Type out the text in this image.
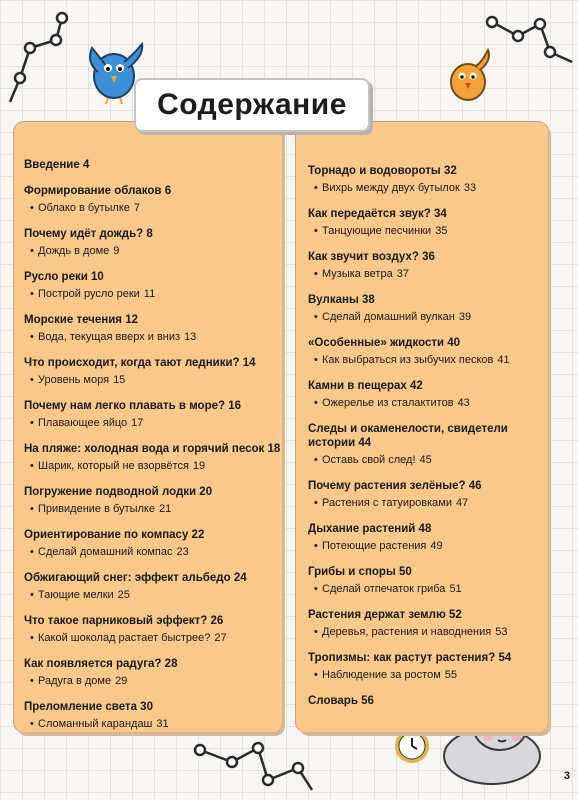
Введение 4
Формирование облаков 6
• Облако в бутылке 7
Почему идёт дождь? 8
• Дождь в доме 9
Русло реки 10
• Построй русло реки 11
Морские течения 12
• Вода, текущая вверх и вниз 13
Что происходит, когда тают ледники? 14
• Уровень моря 15
Почему нам легко плавать в море? 16
• Плавающее яйцо 17
На пляже: холодная вода и горячий песок 18
• Шарик, который не взорвётся 19
Погружение подводной лодки 20
• Привидение в бутылке 21
Ориентирование по компасу 22
• Сделай домашний компас 23
Обжигающий снег: эффект альбедо 24
• Тающие мелки 25
Что такое парниковый эффект? 26
• Какой шоколад растает быстрее? 27
Как появляется радуга? 28
• Радуга в доме 29
Преломление света 30
• Сломанный карандаш 31
Торнадо и водовороты 32
• Вихрь между двух бутылок 33
Как передаётся звук? 34
• Танцующие песчинки 35
Как звучит воздух? 36
• Музыка ветра 37
Вулканы 38
• Сделай домашний вулкан 39
«Особенные» жидкости 40
• Как выбраться из зыбучих песков 41
Камни в пещерах 42
• Ожерелье из сталактитов 43
Следы и окаменелости, свидетели истории 44
• Оставь свой след! 45
Почему растения зелёные? 46
• Растения с татуировками 47
Дыхание растений 48
• Потеющие растения 49
Грибы и споры 50
• Сделай отпечаток гриба 51
Растения держат землю 52
• Деревья, растения и наводнения 53
Тропизмы: как растут растения? 54
• Наблюдение за ростом 55
Словарь 56
Содержание
3
